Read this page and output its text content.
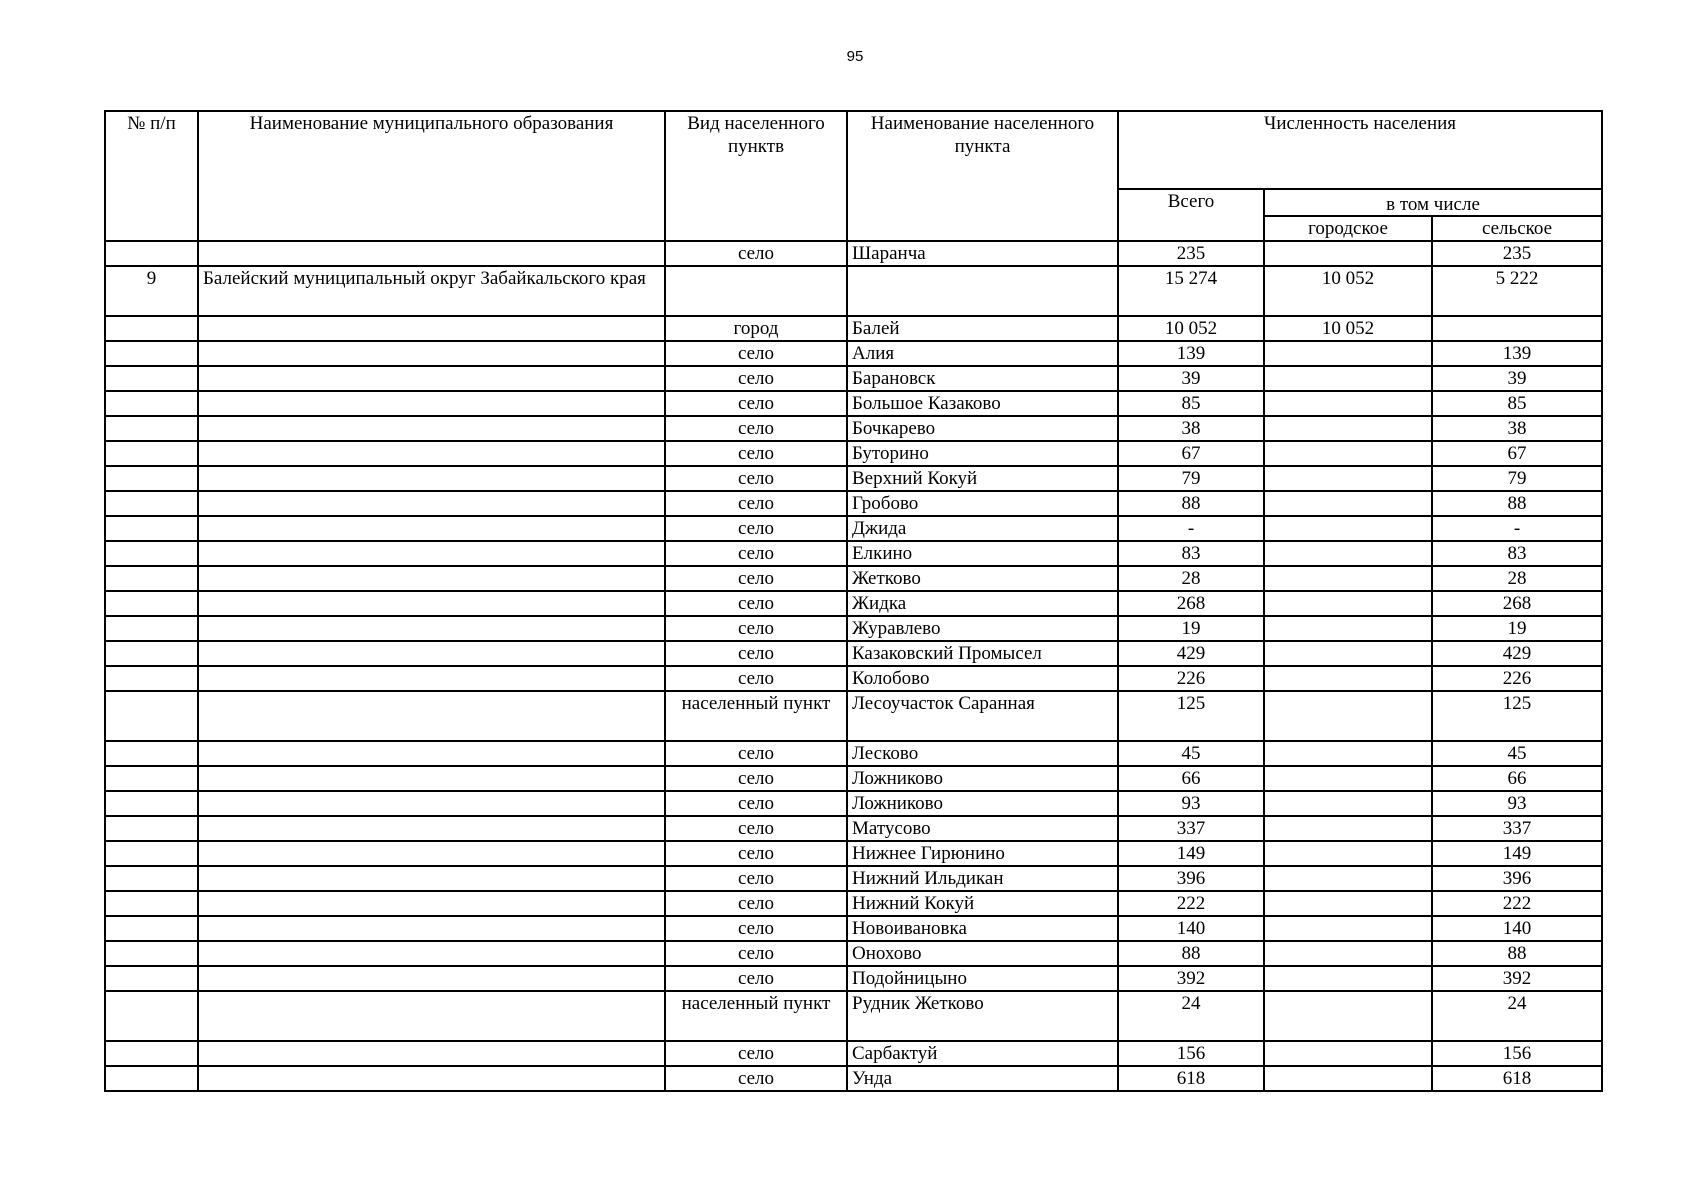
95
№ п/п	Наименование муниципального образования	Вид населенного пунктв	Наименование населенного пункта	Численность населения		
				Всего	в том числе	
					городское	сельское
		село	Шаранча	235		235
9	Балейский муниципальный округ Забайкальского края			15 274	10 052	5 222
		город	Балей	10 052	10 052	
		село	Алия	139		139
		село	Барановск	39		39
		село	Большое Казаково	85		85
		село	Бочкарево	38		38
		село	Буторино	67		67
		село	Верхний Кокуй	79		79
		село	Гробово	88		88
		село	Джида	-		-
		село	Елкино	83		83
		село	Жетково	28		28
		село	Жидка	268		268
		село	Журавлево	19		19
		село	Казаковский Промысел	429		429
		село	Колобово	226		226
		населенный пункт	Лесоучасток Саранная	125		125
		село	Лесково	45		45
		село	Ложниково	66		66
		село	Ложниково	93		93
		село	Матусово	337		337
		село	Нижнее Гирюнино	149		149
		село	Нижний Ильдикан	396		396
		село	Нижний Кокуй	222		222
		село	Новоивановка	140		140
		село	Онохово	88		88
		село	Подойницыно	392		392
		населенный пункт	Рудник Жетково	24		24
		село	Сарбактуй	156		156
		село	Унда	618		618
